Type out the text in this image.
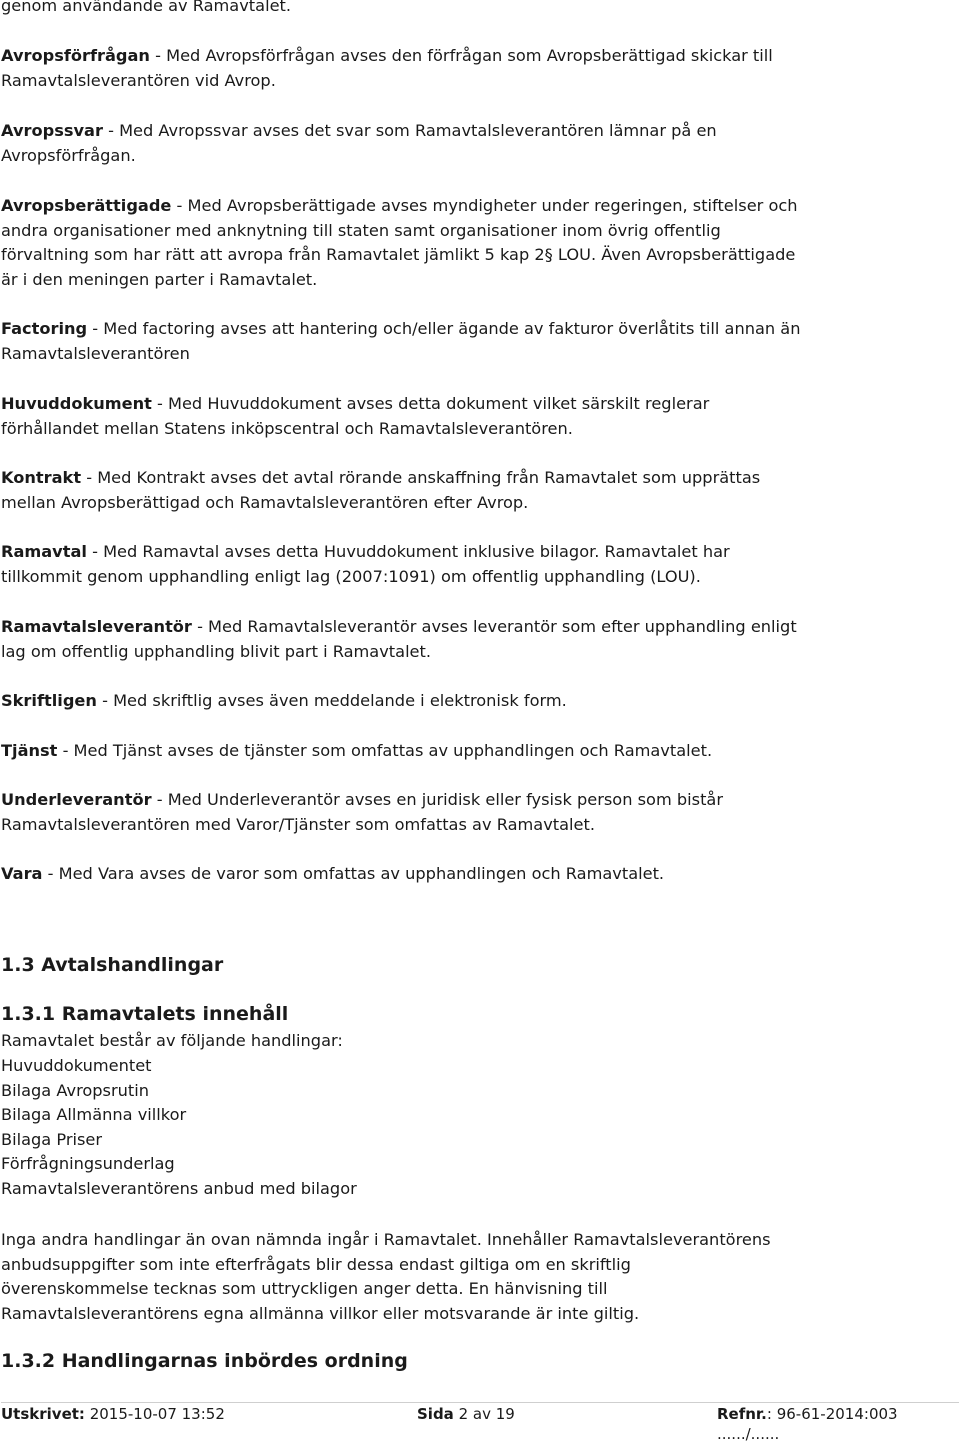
genom användande av Ramavtalet.

Avropsförfrågan - Med Avropsförfrågan avses den förfrågan som Avropsberättigad skickar till Ramavtalsleverantören vid Avrop.

Avropssvar - Med Avropssvar avses det svar som Ramavtalsleverantören lämnar på en Avropsförfrågan.

Avropsberättigade - Med Avropsberättigade avses myndigheter under regeringen, stiftelser och andra organisationer med anknytning till staten samt organisationer inom övrig offentlig förvaltning som har rätt att avropa från Ramavtalet jämlikt 5 kap 2§ LOU. Även Avropsberättigade är i den meningen parter i Ramavtalet.

Factoring - Med factoring avses att hantering och/eller ägande av fakturor överlåtits till annan än Ramavtalsleverantören

Huvuddokument - Med Huvuddokument avses detta dokument vilket särskilt reglerar förhållandet mellan Statens inköpscentral och Ramavtalsleverantören.

Kontrakt - Med Kontrakt avses det avtal rörande anskaffning från Ramavtalet som upprättas mellan Avropsberättigad och Ramavtalsleverantören efter Avrop.

Ramavtal - Med Ramavtal avses detta Huvuddokument inklusive bilagor. Ramavtalet har tillkommit genom upphandling enligt lag (2007:1091) om offentlig upphandling (LOU).

Ramavtalsleverantör - Med Ramavtalsleverantör avses leverantör som efter upphandling enligt lag om offentlig upphandling blivit part i Ramavtalet.

Skriftligen - Med skriftlig avses även meddelande i elektronisk form.

Tjänst - Med Tjänst avses de tjänster som omfattas av upphandlingen och Ramavtalet.

Underleverantör - Med Underleverantör avses en juridisk eller fysisk person som bistår Ramavtalsleverantören med Varor/Tjänster som omfattas av Ramavtalet.

Vara - Med Vara avses de varor som omfattas av upphandlingen och Ramavtalet.

1.3 Avtalshandlingar
1.3.1 Ramavtalets innehåll

Ramavtalet består av följande handlingar:

Huvuddokumentet
Bilaga Avropsrutin
Bilaga Allmänna villkor
Bilaga Priser
Förfrågningsunderlag
Ramavtalsleverantörens anbud med bilagor

Inga andra handlingar än ovan nämnda ingår i Ramavtalet. Innehåller Ramavtalsleverantörens anbudsuppgifter som inte efterfrågats blir dessa endast giltiga om en skriftlig överenskommelse tecknas som uttryckligen anger detta. En hänvisning till Ramavtalsleverantörens egna allmänna villkor eller motsvarande är inte giltig.

1.3.2 Handlingarnas inbördes ordning
Utskrivet: 2015-10-07 13:52	Sida 2 av 19	Refnr.: 96-61-2014:003 ....../......
